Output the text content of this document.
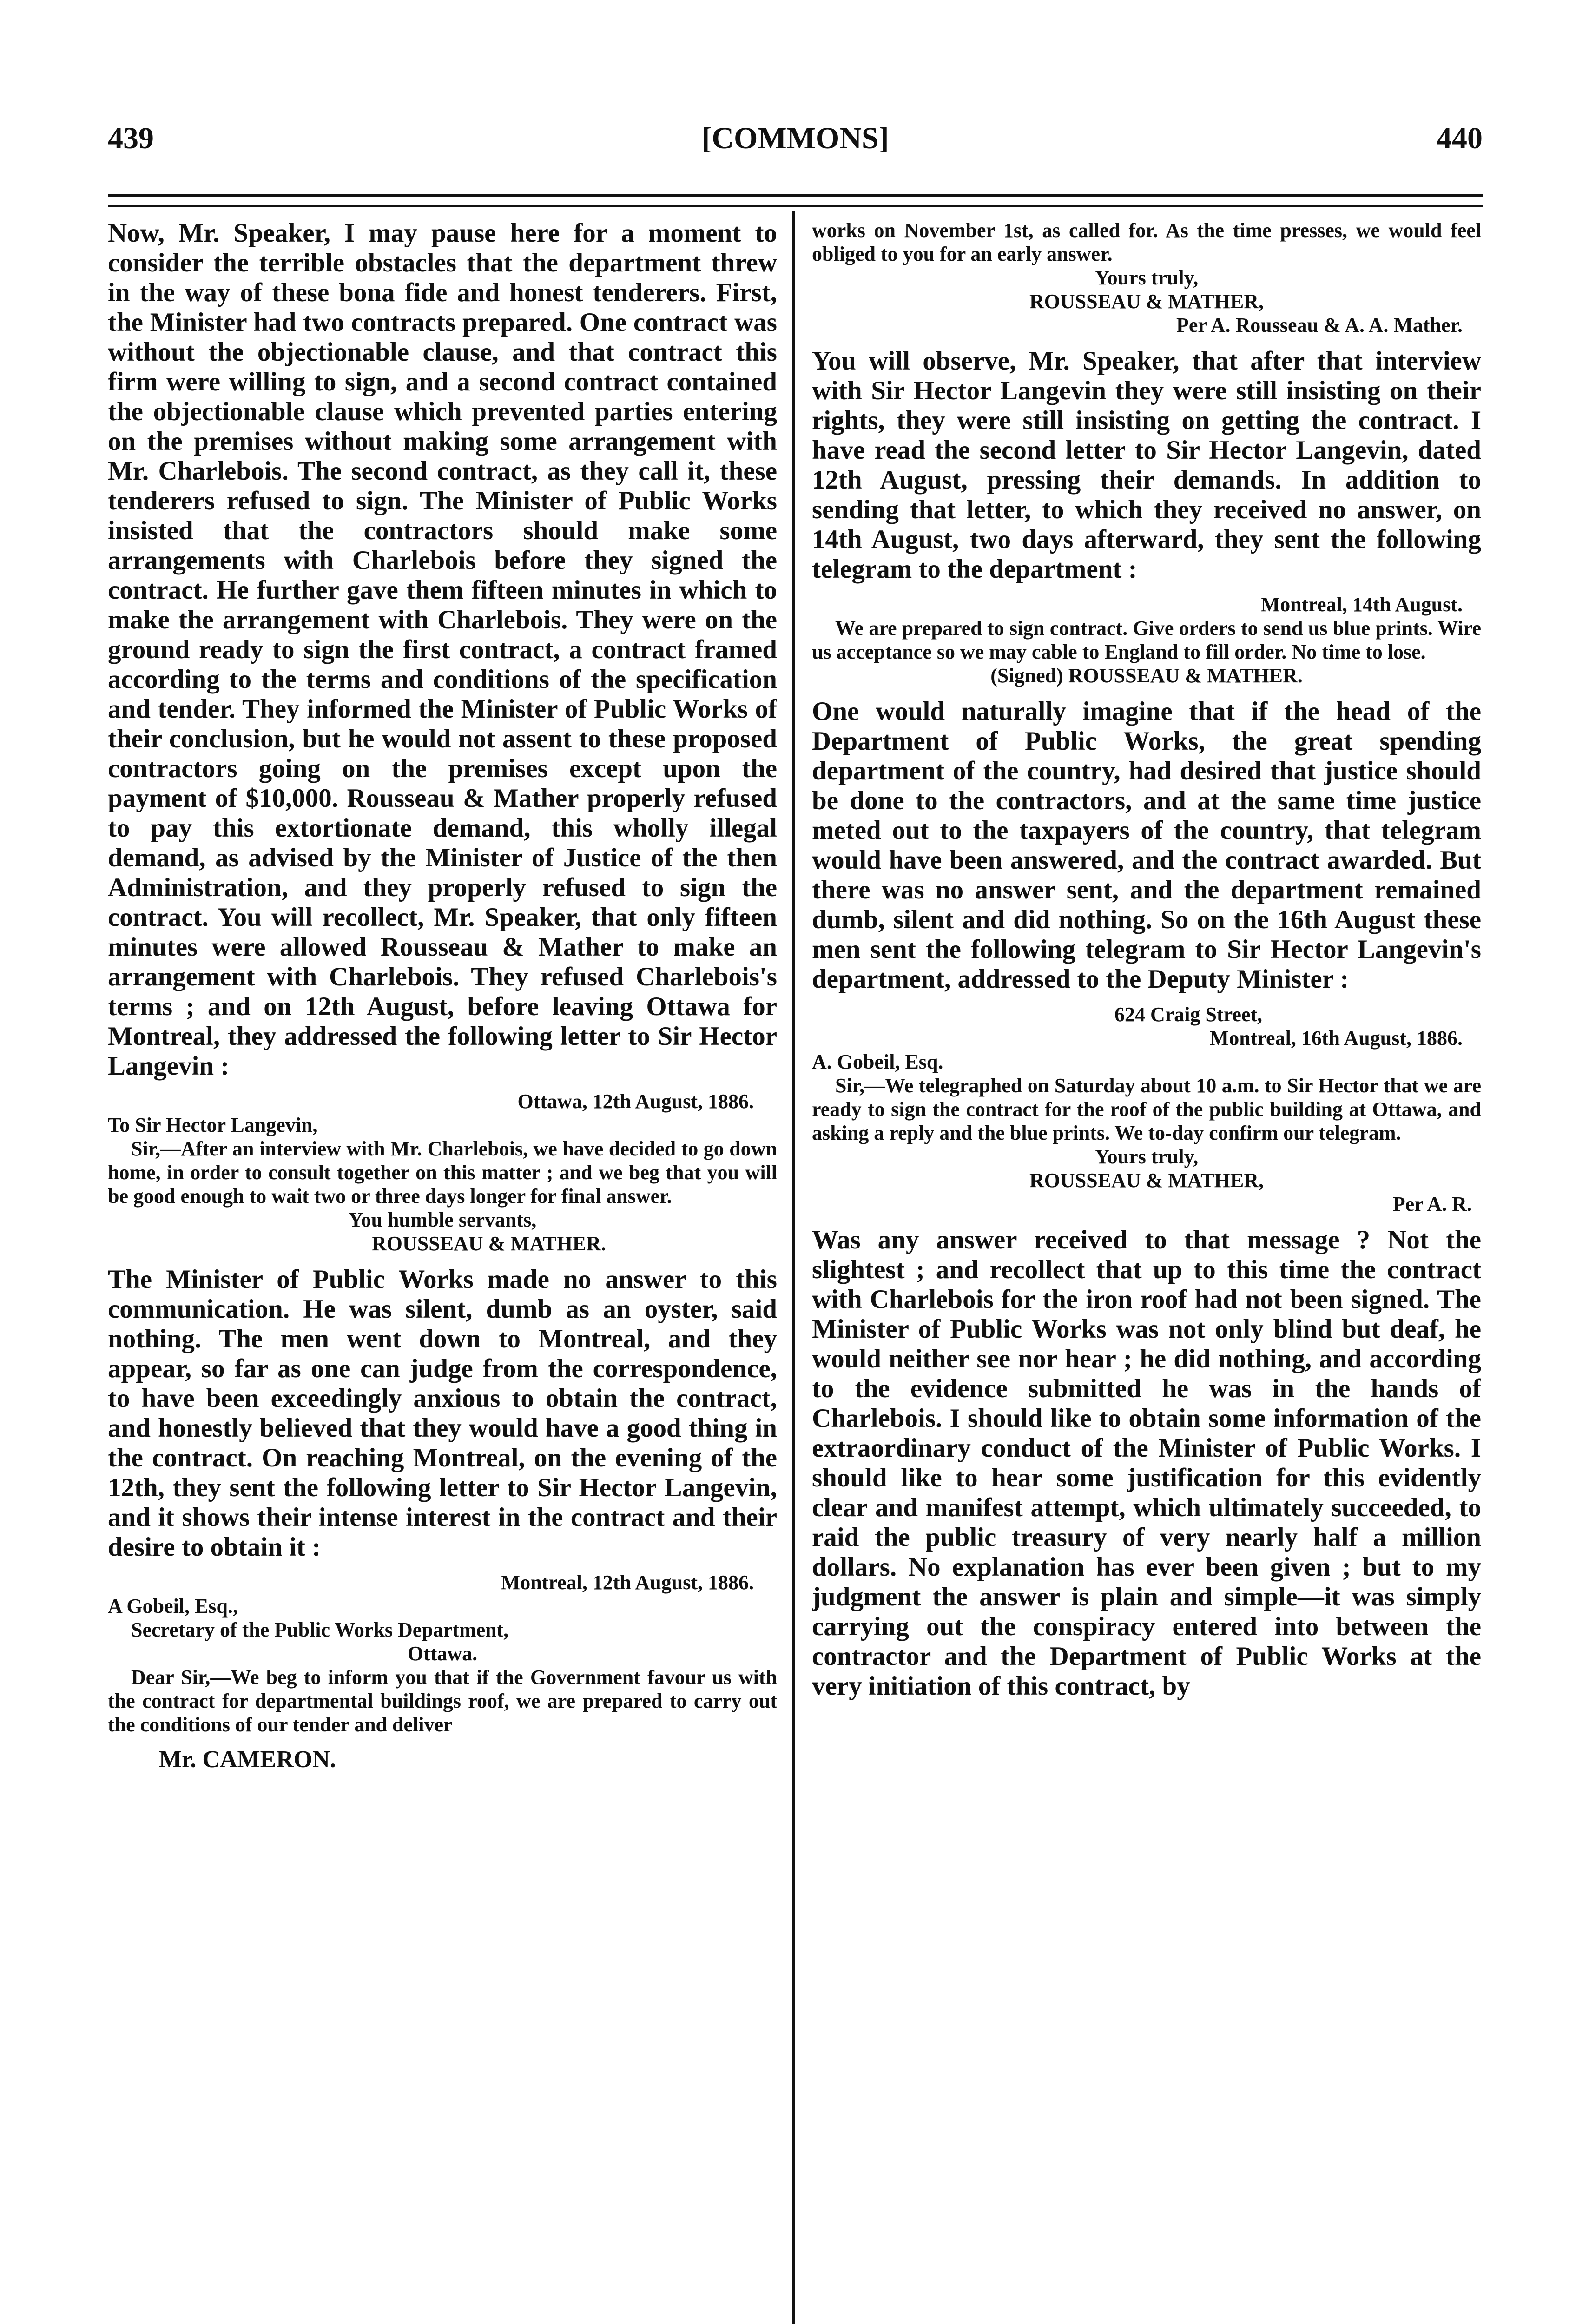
439	[COMMONS]	440

Now, Mr. Speaker, I may pause here for a moment to consider the terrible obstacles that the department threw in the way of these bona fide and honest tenderers. First, the Minister had two contracts prepared. One contract was without the objectionable clause, and that contract this firm were willing to sign, and a second contract contained the objectionable clause which prevented parties entering on the premises without making some arrangement with Mr. Charlebois. The second contract, as they call it, these tenderers refused to sign. The Minister of Public Works insisted that the contractors should make some arrangements with Charlebois before they signed the contract. He further gave them fifteen minutes in which to make the arrangement with Charlebois. They were on the ground ready to sign the first contract, a contract framed according to the terms and conditions of the specification and tender. They informed the Minister of Public Works of their conclusion, but he would not assent to these proposed contractors going on the premises except upon the payment of $10,000. Rousseau & Mather properly refused to pay this extortionate demand, this wholly illegal demand, as advised by the Minister of Justice of the then Administration, and they properly refused to sign the contract. You will recollect, Mr. Speaker, that only fifteen minutes were allowed Rousseau & Mather to make an arrangement with Charlebois. They refused Charlebois's terms ; and on 12th August, before leaving Ottawa for Montreal, they addressed the following letter to Sir Hector Langevin :

Ottawa, 12th August, 1886.

To Sir Hector Langevin,

Sir,—After an interview with Mr. Charlebois, we have decided to go down home, in order to consult together on this matter ; and we beg that you will be good enough to wait two or three days longer for final answer.

You humble servants,

ROUSSEAU & MATHER.

The Minister of Public Works made no answer to this communication. He was silent, dumb as an oyster, said nothing. The men went down to Montreal, and they appear, so far as one can judge from the correspondence, to have been exceedingly anxious to obtain the contract, and honestly believed that they would have a good thing in the contract. On reaching Montreal, on the evening of the 12th, they sent the following letter to Sir Hector Langevin, and it shows their intense interest in the contract and their desire to obtain it :

Montreal, 12th August, 1886.

A Gobeil, Esq.,

Secretary of the Public Works Department,

Ottawa.

Dear Sir,—We beg to inform you that if the Government favour us with the contract for departmental buildings roof, we are prepared to carry out the conditions of our tender and deliver

Mr. CAMERON.

works on November 1st, as called for. As the time presses, we would feel obliged to you for an early answer.

Yours truly,

ROUSSEAU & MATHER,

Per A. Rousseau & A. A. Mather.

You will observe, Mr. Speaker, that after that interview with Sir Hector Langevin they were still insisting on their rights, they were still insisting on getting the contract. I have read the second letter to Sir Hector Langevin, dated 12th August, pressing their demands. In addition to sending that letter, to which they received no answer, on 14th August, two days afterward, they sent the following telegram to the department :

Montreal, 14th August.

We are prepared to sign contract. Give orders to send us blue prints. Wire us acceptance so we may cable to England to fill order. No time to lose.

(Signed) ROUSSEAU & MATHER.

One would naturally imagine that if the head of the Department of Public Works, the great spending department of the country, had desired that justice should be done to the contractors, and at the same time justice meted out to the taxpayers of the country, that telegram would have been answered, and the contract awarded. But there was no answer sent, and the department remained dumb, silent and did nothing. So on the 16th August these men sent the following telegram to Sir Hector Langevin's department, addressed to the Deputy Minister :

624 Craig Street,

Montreal, 16th August, 1886.

A. Gobeil, Esq.

Sir,—We telegraphed on Saturday about 10 a.m. to Sir Hector that we are ready to sign the contract for the roof of the public building at Ottawa, and asking a reply and the blue prints. We to-day confirm our telegram.

Yours truly,

ROUSSEAU & MATHER,

Per A. R.

Was any answer received to that message ? Not the slightest ; and recollect that up to this time the contract with Charlebois for the iron roof had not been signed. The Minister of Public Works was not only blind but deaf, he would neither see nor hear ; he did nothing, and according to the evidence submitted he was in the hands of Charlebois. I should like to obtain some information of the extraordinary conduct of the Minister of Public Works. I should like to hear some justification for this evidently clear and manifest attempt, which ultimately succeeded, to raid the public treasury of very nearly half a million dollars. No explanation has ever been given ; but to my judgment the answer is plain and simple—it was simply carrying out the conspiracy entered into between the contractor and the Department of Public Works at the very initiation of this contract, by
